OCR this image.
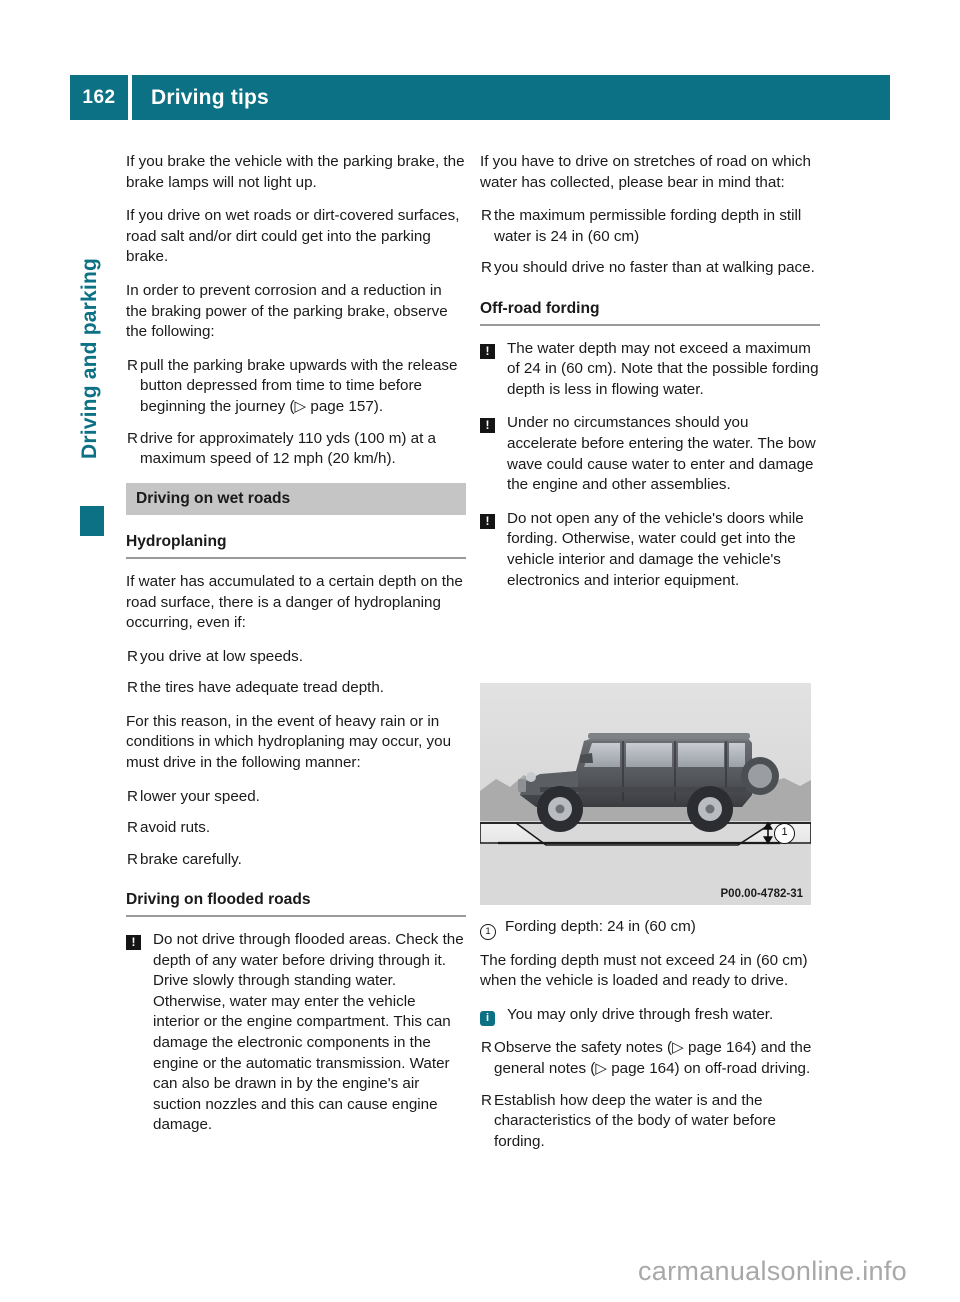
162	Driving tips
Driving and parking

If you brake the vehicle with the parking brake, the brake lamps will not light up.

If you drive on wet roads or dirt-covered surfaces, road salt and/or dirt could get into the parking brake.

In order to prevent corrosion and a reduction in the braking power of the parking brake, observe the following:

R pull the parking brake upwards with the release button depressed from time to time before beginning the journey (▷ page 157).
R drive for approximately 110 yds (100 m) at a maximum speed of 12 mph (20 km/h).
Driving on wet roads
Hydroplaning

If water has accumulated to a certain depth on the road surface, there is a danger of hydroplaning occurring, even if:

R you drive at low speeds.
R the tires have adequate tread depth.

For this reason, in the event of heavy rain or in conditions in which hydroplaning may occur, you must drive in the following manner:

R lower your speed.
R avoid ruts.
R brake carefully.
Driving on flooded roads
!	Do not drive through flooded areas. Check the depth of any water before driving through it. Drive slowly through standing water. Otherwise, water may enter the vehicle interior or the engine compartment. This can damage the electronic components in the engine or the automatic transmission. Water can also be drawn in by the engine's air suction nozzles and this can cause engine damage.

If you have to drive on stretches of road on which water has collected, please bear in mind that:

R the maximum permissible fording depth in still water is 24 in (60 cm)
R you should drive no faster than at walking pace.
Off-road fording
!	The water depth may not exceed a maximum of 24 in (60 cm). Note that the possible fording depth is less in flowing water.
!	Under no circumstances should you accelerate before entering the water. The bow wave could cause water to enter and damage the engine and other assemblies.
!	Do not open any of the vehicle's doors while fording. Otherwise, water could get into the vehicle interior and damage the vehicle's electronics and interior equipment.
1
P00.00-4782-31
1 Fording depth: 24 in (60 cm)

The fording depth must not exceed 24 in (60 cm) when the vehicle is loaded and ready to drive.

i	You may only drive through fresh water.
R Observe the safety notes (▷ page 164) and the general notes (▷ page 164) on off-road driving.
R Establish how deep the water is and the characteristics of the body of water before fording.
carmanualsonline.info
